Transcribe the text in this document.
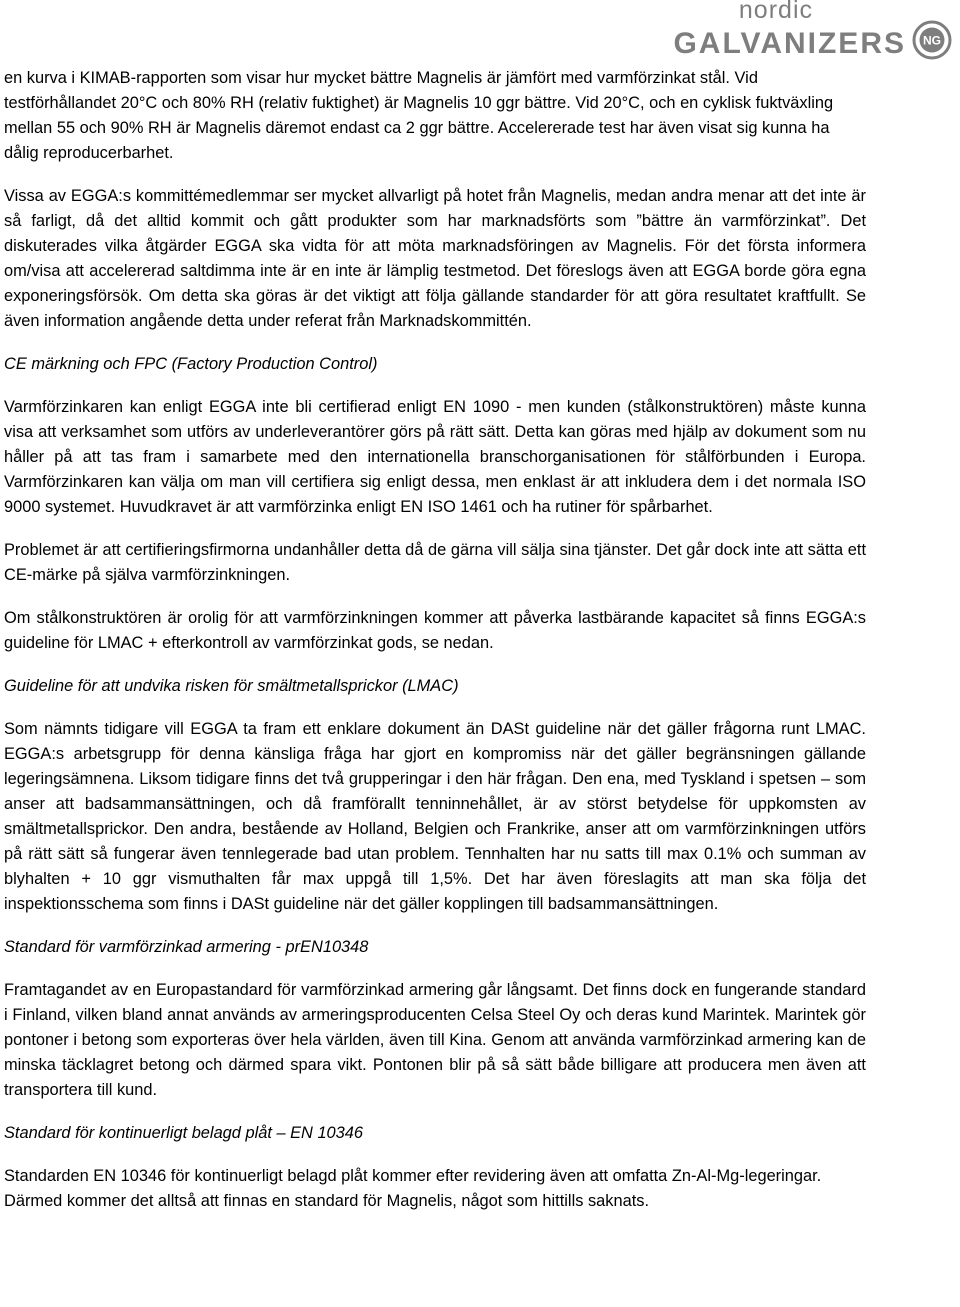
nordic
GALVANIZERS NG

en kurva i KIMAB-rapporten som visar hur mycket bättre Magnelis är jämfört med varmförzinkat stål. Vid testförhållandet 20°C och 80% RH (relativ fuktighet) är Magnelis 10 ggr bättre. Vid 20°C, och en cyklisk fuktväxling mellan 55 och 90% RH är Magnelis däremot endast ca 2 ggr bättre. Accelererade test har även visat sig kunna ha dålig reproducerbarhet.

Vissa av EGGA:s kommittémedlemmar ser mycket allvarligt på hotet från Magnelis, medan andra menar att det inte är så farligt, då det alltid kommit och gått produkter som har marknadsförts som ”bättre än varmförzinkat”. Det diskuterades vilka åtgärder EGGA ska vidta för att möta marknadsföringen av Magnelis. För det första informera om/visa att accelererad saltdimma inte är en inte är lämplig testmetod. Det föreslogs även att EGGA borde göra egna exponeringsförsök. Om detta ska göras är det viktigt att följa gällande standarder för att göra resultatet kraftfullt. Se även information angående detta under referat från Marknadskommittén.

CE märkning och FPC (Factory Production Control)

Varmförzinkaren kan enligt EGGA inte bli certifierad enligt EN 1090 - men kunden (stålkonstruktören) måste kunna visa att verksamhet som utförs av underleverantörer görs på rätt sätt. Detta kan göras med hjälp av dokument som nu håller på att tas fram i samarbete med den internationella branschorganisationen för stålförbunden i Europa. Varmförzinkaren kan välja om man vill certifiera sig enligt dessa, men enklast är att inkludera dem i det normala ISO 9000 systemet. Huvudkravet är att varmförzinka enligt EN ISO 1461 och ha rutiner för spårbarhet.

Problemet är att certifieringsfirmorna undanhåller detta då de gärna vill sälja sina tjänster. Det går dock inte att sätta ett CE-märke på själva varmförzinkningen.

Om stålkonstruktören är orolig för att varmförzinkningen kommer att påverka lastbärande kapacitet så finns EGGA:s guideline för LMAC + efterkontroll av varmförzinkat gods, se nedan.

Guideline för att undvika risken för smältmetallsprickor (LMAC)

Som nämnts tidigare vill EGGA ta fram ett enklare dokument än DASt guideline när det gäller frågorna runt LMAC. EGGA:s arbetsgrupp för denna känsliga fråga har gjort en kompromiss när det gäller begränsningen gällande legeringsämnena. Liksom tidigare finns det två grupperingar i den här frågan. Den ena, med Tyskland i spetsen – som anser att badsammansättningen, och då framförallt tenninnehållet, är av störst betydelse för uppkomsten av smältmetallsprickor. Den andra, bestående av Holland, Belgien och Frankrike, anser att om varmförzinkningen utförs på rätt sätt så fungerar även tennlegerade bad utan problem. Tennhalten har nu satts till max 0.1% och summan av blyhalten + 10 ggr vismuthalten får max uppgå till 1,5%. Det har även föreslagits att man ska följa det inspektionsschema som finns i DASt guideline när det gäller kopplingen till badsammansättningen.

Standard för varmförzinkad armering - prEN10348

Framtagandet av en Europastandard för varmförzinkad armering går långsamt. Det finns dock en fungerande standard i Finland, vilken bland annat används av armeringsproducenten Celsa Steel Oy och deras kund Marintek. Marintek gör pontoner i betong som exporteras över hela världen, även till Kina. Genom att använda varmförzinkad armering kan de minska täcklagret betong och därmed spara vikt. Pontonen blir på så sätt både billigare att producera men även att transportera till kund.

Standard för kontinuerligt belagd plåt – EN 10346

Standarden EN 10346 för kontinuerligt belagd plåt kommer efter revidering även att omfatta Zn-Al-Mg-legeringar. Därmed kommer det alltså att finnas en standard för Magnelis, något som hittills saknats.
